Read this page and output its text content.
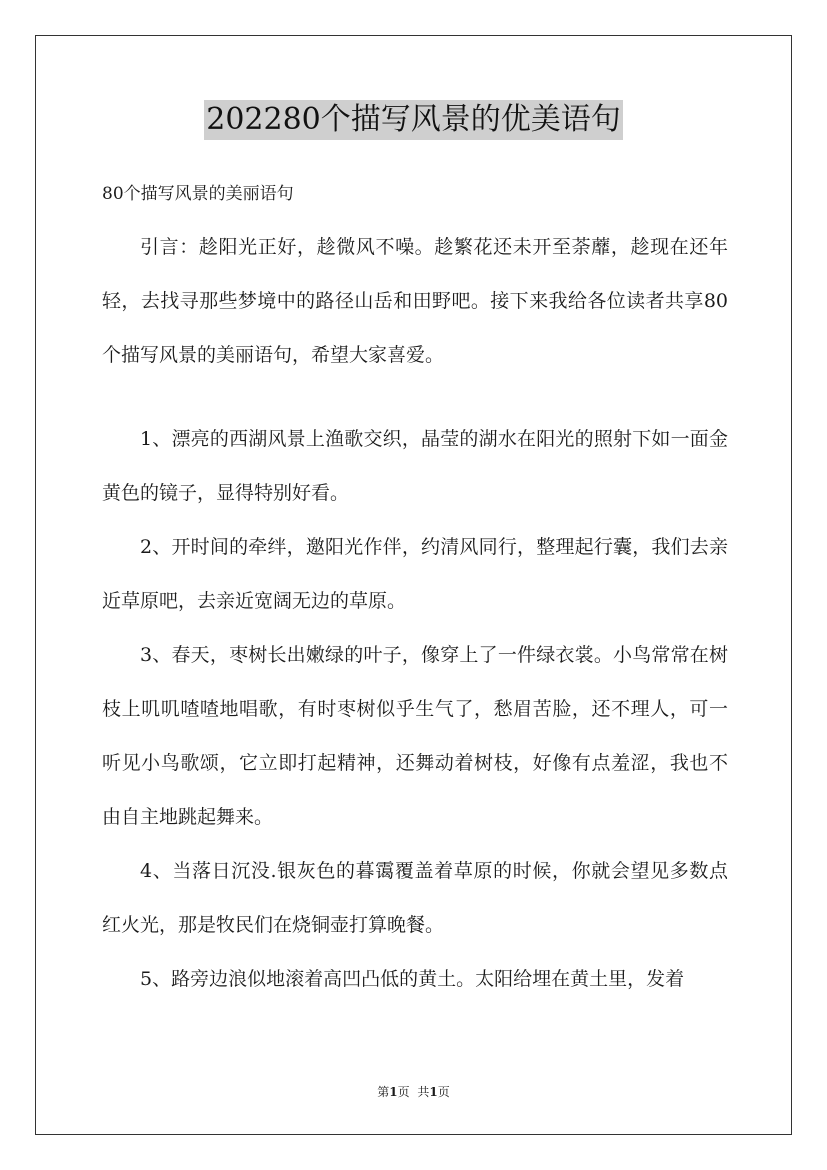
202280个描写风景的优美语句
80个描写风景的美丽语句

引言：趁阳光正好，趁微风不噪。趁繁花还未开至荼蘼，趁现在还年轻，去找寻那些梦境中的路径山岳和田野吧。接下来我给各位读者共享80个描写风景的美丽语句，希望大家喜爱。

1、漂亮的西湖风景上渔歌交织，晶莹的湖水在阳光的照射下如一面金黄色的镜子，显得特别好看。

2、开时间的牵绊，邀阳光作伴，约清风同行，整理起行囊，我们去亲近草原吧，去亲近宽阔无边的草原。

3、春天，枣树长出嫩绿的叶子，像穿上了一件绿衣裳。小鸟常常在树枝上叽叽喳喳地唱歌，有时枣树似乎生气了，愁眉苦脸，还不理人，可一听见小鸟歌颂，它立即打起精神，还舞动着树枝，好像有点羞涩，我也不由自主地跳起舞来。

4、当落日沉没.银灰色的暮霭覆盖着草原的时候，你就会望见多数点红火光，那是牧民们在烧铜壶打算晚餐。

5、路旁边浪似地滚着高凹凸低的黄土。太阳给埋在黄土里，发着

第1页 共1页
